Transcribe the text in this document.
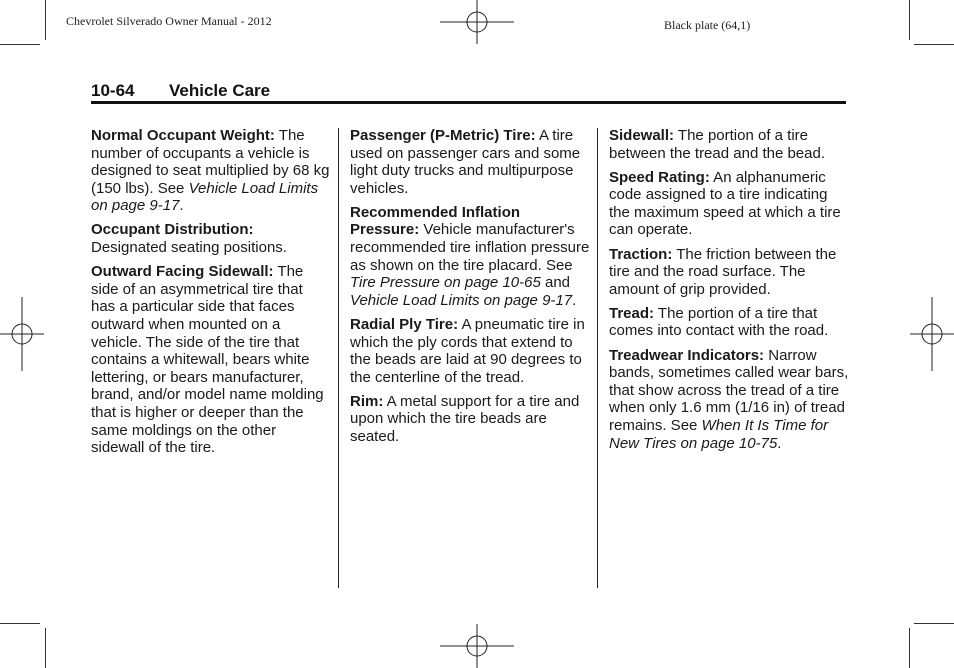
Chevrolet Silverado Owner Manual - 2012	Black plate (64,1)
10-64 Vehicle Care

Normal Occupant Weight: The number of occupants a vehicle is designed to seat multiplied by 68 kg (150 lbs). See Vehicle Load Limits on page 9-17.

Occupant Distribution: Designated seating positions.

Outward Facing Sidewall: The side of an asymmetrical tire that has a particular side that faces outward when mounted on a vehicle. The side of the tire that contains a whitewall, bears white lettering, or bears manufacturer, brand, and/or model name molding that is higher or deeper than the same moldings on the other sidewall of the tire.

Passenger (P-Metric) Tire: A tire used on passenger cars and some light duty trucks and multipurpose vehicles.

Recommended Inflation Pressure: Vehicle manufacturer's recommended tire inflation pressure as shown on the tire placard. See Tire Pressure on page 10-65 and Vehicle Load Limits on page 9-17.

Radial Ply Tire: A pneumatic tire in which the ply cords that extend to the beads are laid at 90 degrees to the centerline of the tread.

Rim: A metal support for a tire and upon which the tire beads are seated.

Sidewall: The portion of a tire between the tread and the bead.

Speed Rating: An alphanumeric code assigned to a tire indicating the maximum speed at which a tire can operate.

Traction: The friction between the tire and the road surface. The amount of grip provided.

Tread: The portion of a tire that comes into contact with the road.

Treadwear Indicators: Narrow bands, sometimes called wear bars, that show across the tread of a tire when only 1.6 mm (1/16 in) of tread remains. See When It Is Time for New Tires on page 10-75.
